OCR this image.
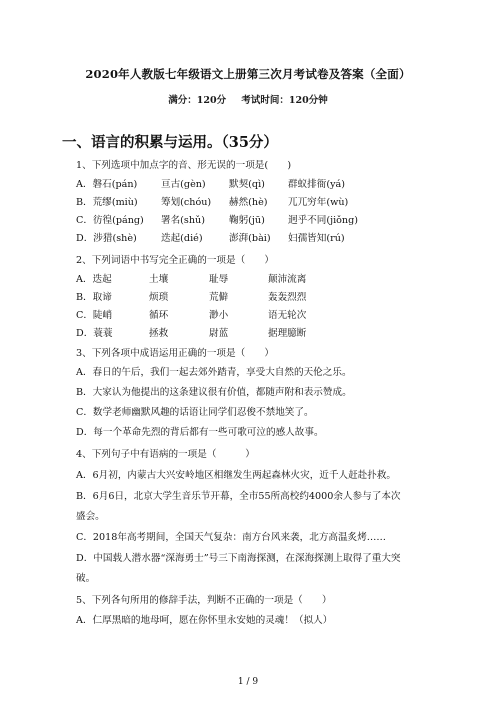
2020年人教版七年级语文上册第三次月考试卷及答案（全面）
满分：120分 考试时间：120分钟
一、语言的积累与运用。（35分）
1、下列选项中加点字的音、形无误的一项是(　　)
A．磐石(pán) 亘古(gèn) 默契(qì) 群蚁排衙(yá)
B．荒缪(miù) 筹划(chóu) 赫然(hè) 兀兀穷年(wù)
C．彷徨(páng) 署名(shǔ)	鞠躬(jū) 迥乎不同(jiǒng)
D．涉猎(shè)	迭起(dié)	澎湃(bài) 妇孺皆知(rú)
2、下列词语中书写完全正确的一项是（　　）
A．迭起	土壤	耻辱	颠沛流离
B．取谛	烦琐	荒僻	轰轰烈烈
C．陡峭	循环	渺小	语无轮次
D．蓑蓑	拯救	尉蓝	据理臆断
3、下列各项中成语运用正确的一项是（　　）
A．春日的午后，我们一起去郊外踏青，享受大自然的天伦之乐。
B．大家认为他提出的这条建议很有价值，都随声附和表示赞成。
C．数学老师幽默风趣的话语让同学们忍俊不禁地笑了。
D．每一个革命先烈的背后都有一些可歌可泣的感人故事。
4、下列句子中有语病的一项是（　　　）
A．6月初，内蒙古大兴安岭地区相继发生两起森林火灾，近千人赶赴扑救。
B．6月6日，北京大学生音乐节开幕，全市55所高校约4000余人参与了本次
盛会。
C．2018年高考期间，全国天气复杂：南方台风来袭，北方高温炙烤……
D．中国载人潜水器“深海勇士”号三下南海探测，在深海探测上取得了重大突
破。
5、下列各句所用的修辞手法，判断不正确的一项是（　　）
A．仁厚黑暗的地母呵，愿在你怀里永安她的灵魂！（拟人）
1 / 9
